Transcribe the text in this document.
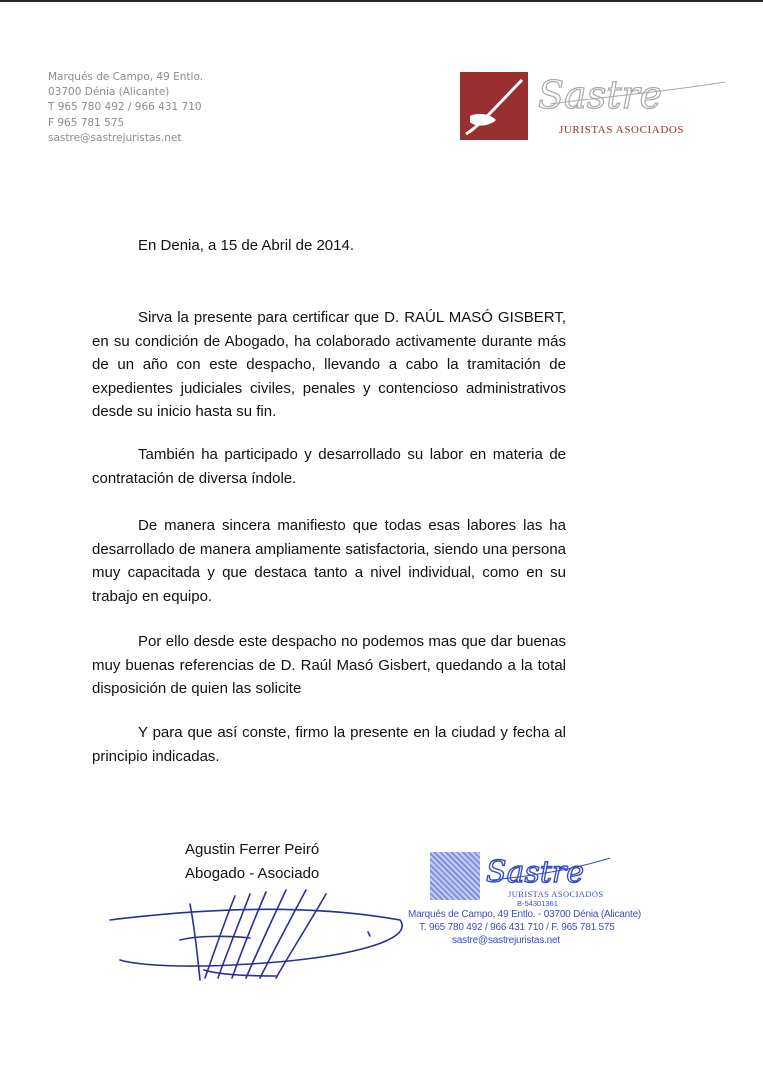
Marqués de Campo, 49 Entlo.
03700 Dénia (Alicante)
T 965 780 492 / 966 431 710
F 965 781 575
sastre@sastrejuristas.net
Sastre
JURISTAS ASOCIADOS

En Denia, a 15 de Abril de 2014.

Sirva la presente para certificar que D. RAÚL MASÓ GISBERT, en su condición de Abogado, ha colaborado activamente durante más de un año con este despacho, llevando a cabo la tramitación de expedientes judiciales civiles, penales y contencioso administrativos desde su inicio hasta su fin.

También ha participado y desarrollado su labor en materia de contratación de diversa índole.

De manera sincera manifiesto que todas esas labores las ha desarrollado de manera ampliamente satisfactoria, siendo una persona muy capacitada y que destaca tanto a nivel individual, como en su trabajo en equipo.

Por ello desde este despacho no podemos mas que dar buenas muy buenas referencias de D. Raúl Masó Gisbert, quedando a la total disposición de quien las solicite

Y para que así conste, firmo la presente en la ciudad y fecha al principio indicadas.

Agustin Ferrer Peiró
Abogado - Asociado	Sastre
JURISTAS ASOCIADOS
B-54301361
Marqués de Campo, 49 Entlo. - 03700 Dénia (Alicante)
T. 965 780 492 / 966 431 710 / F. 965 781 575
sastre@sastrejuristas.net
